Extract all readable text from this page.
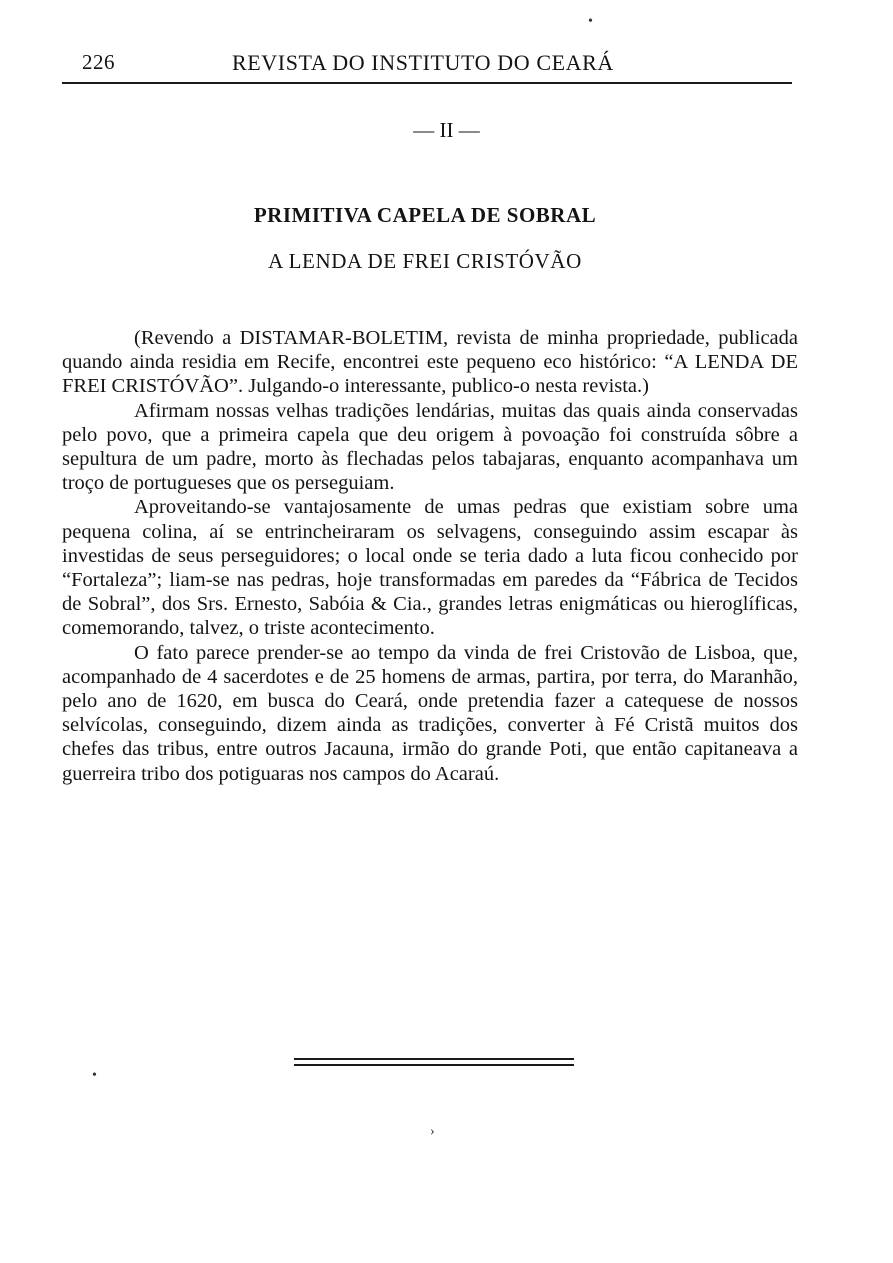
226	REVISTA DO INSTITUTO DO CEARÁ
— II —
PRIMITIVA CAPELA DE SOBRAL
A LENDA DE FREI CRISTÓVÃO

(Revendo a DISTAMAR-BOLETIM, revista de minha propriedade, publicada quando ainda residia em Recife, encontrei este pequeno eco histórico: “A LENDA DE FREI CRISTÓVÃO”. Julgando-o interessante, publico-o nesta revista.)

Afirmam nossas velhas tradições lendárias, muitas das quais ainda conservadas pelo povo, que a primeira capela que deu origem à povoação foi construída sôbre a sepultura de um padre, morto às flechadas pelos tabajaras, enquanto acompanhava um troço de portugueses que os perseguiam.

Aproveitando-se vantajosamente de umas pedras que existiam sobre uma pequena colina, aí se entrincheiraram os selvagens, conseguindo assim escapar às investidas de seus perseguidores; o local onde se teria dado a luta ficou conhecido por “Fortaleza”; liam-se nas pedras, hoje transformadas em paredes da “Fábrica de Tecidos de Sobral”, dos Srs. Ernesto, Sabóia & Cia., grandes letras enigmáticas ou hieroglíficas, comemorando, talvez, o triste acontecimento.

O fato parece prender-se ao tempo da vinda de frei Cristovão de Lisboa, que, acompanhado de 4 sacerdotes e de 25 homens de armas, partira, por terra, do Maranhão, pelo ano de 1620, em busca do Ceará, onde pretendia fazer a catequese de nossos selvícolas, conseguindo, dizem ainda as tradições, converter à Fé Cristã muitos dos chefes das tribus, entre outros Jacauna, irmão do grande Poti, que então capitaneava a guerreira tribo dos potiguaras nos campos do Acaraú.

•
•
›
